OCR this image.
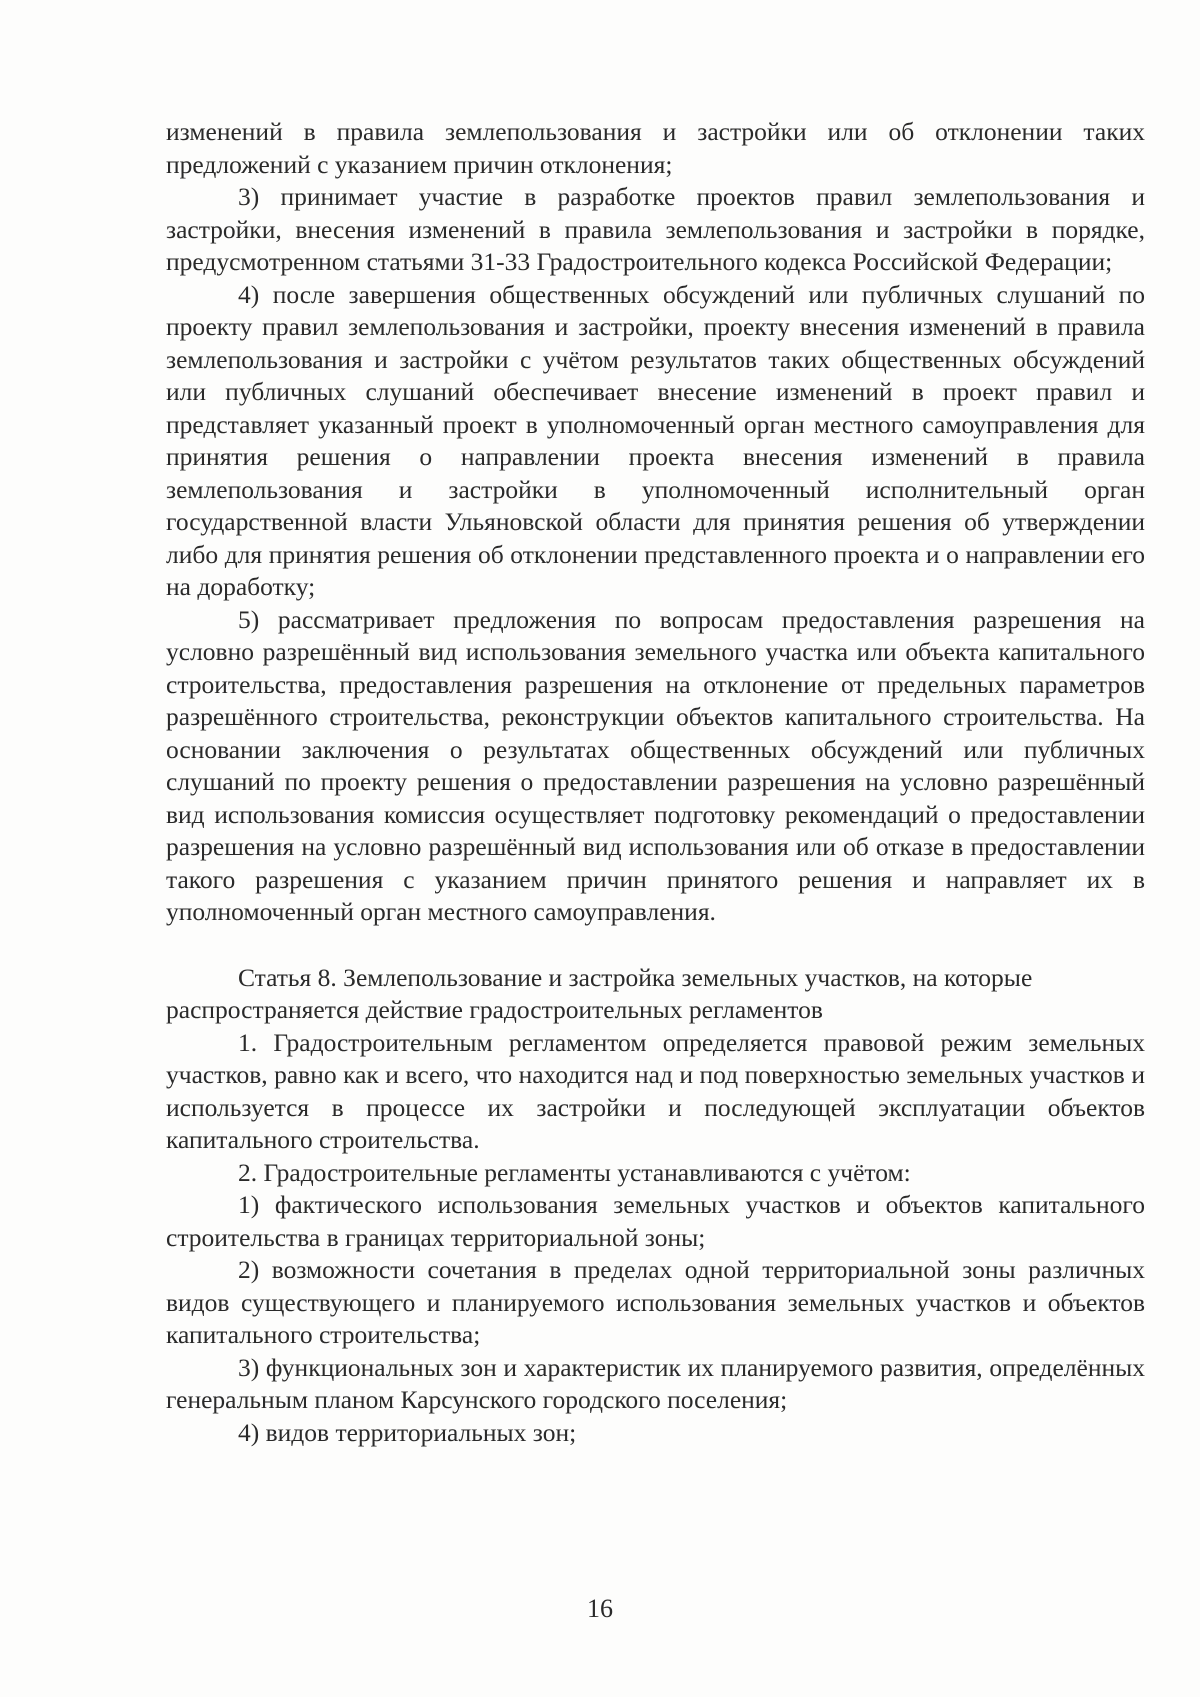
изменений в правила землепользования и застройки или об отклонении таких предложений с указанием причин отклонения;

3) принимает участие в разработке проектов правил землепользования и застройки, внесения изменений в правила землепользования и застройки в порядке, предусмотренном статьями 31-33 Градостроительного кодекса Российской Федерации;

4) после завершения общественных обсуждений или публичных слушаний по проекту правил землепользования и застройки, проекту внесения изменений в правила землепользования и застройки с учётом результатов таких общественных обсуждений или публичных слушаний обеспечивает внесение изменений в проект правил и представляет указанный проект в уполномоченный орган местного самоуправления для принятия решения о направлении проекта внесения изменений в правила землепользования и застройки в уполномоченный исполнительный орган государственной власти Ульяновской области для принятия решения об утверждении либо для принятия решения об отклонении представленного проекта и о направлении его на доработку;

5) рассматривает предложения по вопросам предоставления разрешения на условно разрешённый вид использования земельного участка или объекта капитального строительства, предоставления разрешения на отклонение от предельных параметров разрешённого строительства, реконструкции объектов капитального строительства. На основании заключения о результатах общественных обсуждений или публичных слушаний по проекту решения о предоставлении разрешения на условно разрешённый вид использования комиссия осуществляет подготовку рекомендаций о предоставлении разрешения на условно разрешённый вид использования или об отказе в предоставлении такого разрешения с указанием причин принятого решения и направляет их в уполномоченный орган местного самоуправления.

Статья 8. Землепользование и застройка земельных участков, на которые распространяется действие градостроительных регламентов

1. Градостроительным регламентом определяется правовой режим земельных участков, равно как и всего, что находится над и под поверхностью земельных участков и используется в процессе их застройки и последующей эксплуатации объектов капитального строительства.

2. Градостроительные регламенты устанавливаются с учётом:

1) фактического использования земельных участков и объектов капитального строительства в границах территориальной зоны;

2) возможности сочетания в пределах одной территориальной зоны различных видов существующего и планируемого использования земельных участков и объектов капитального строительства;

3) функциональных зон и характеристик их планируемого развития, определённых генеральным планом Карсунского городского поселения;

4) видов территориальных зон;

16
